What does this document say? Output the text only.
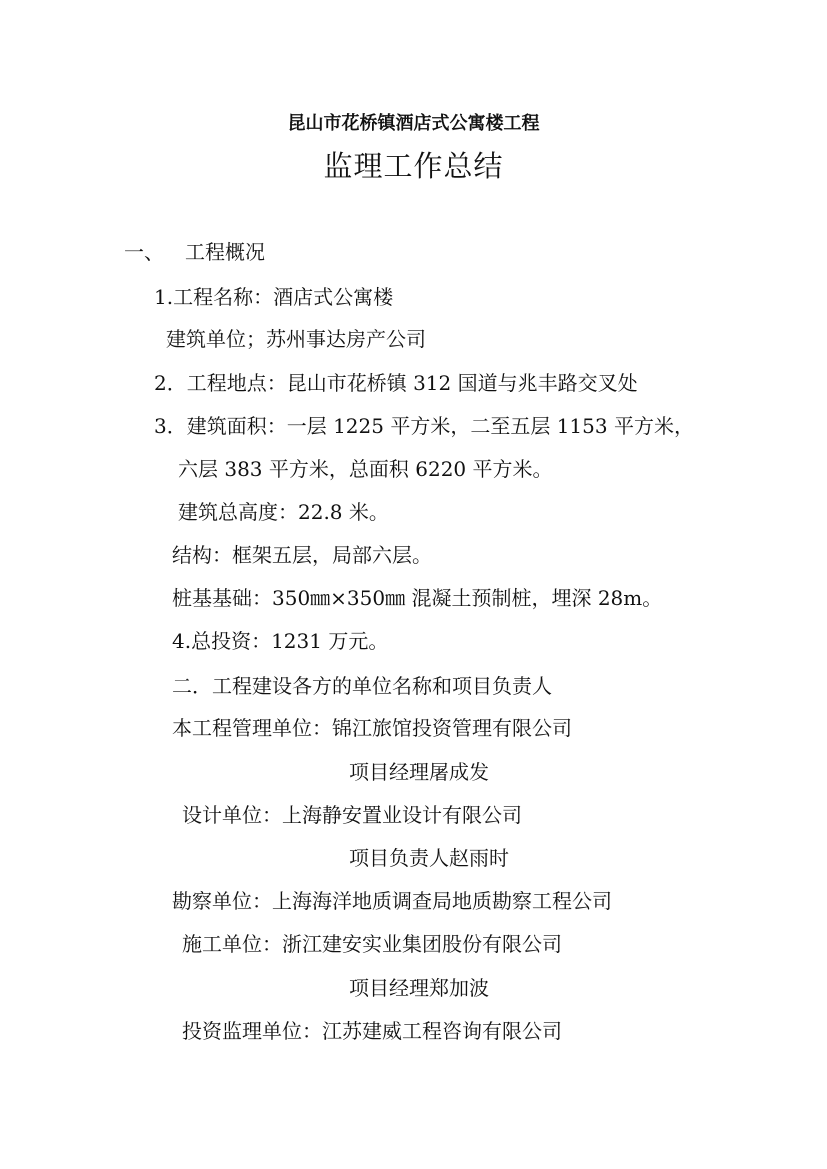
昆山市花桥镇酒店式公寓楼工程
监理工作总结
一、 工程概况
1.工程名称：酒店式公寓楼
建筑单位；苏州事达房产公司
2．工程地点：昆山市花桥镇 312 国道与兆丰路交叉处
3．建筑面积：一层 1225 平方米，二至五层 1153 平方米，
六层 383 平方米，总面积 6220 平方米。
建筑总高度：22.8 米。
结构：框架五层，局部六层。
桩基基础：350㎜×350㎜ 混凝土预制桩，埋深 28m。
4.总投资：1231 万元。
二．工程建设各方的单位名称和项目负责人
本工程管理单位：锦江旅馆投资管理有限公司
项目经理屠成发
设计单位：上海静安置业设计有限公司
项目负责人赵雨时
勘察单位：上海海洋地质调查局地质勘察工程公司
施工单位：浙江建安实业集团股份有限公司
项目经理郑加波
投资监理单位：江苏建威工程咨询有限公司
